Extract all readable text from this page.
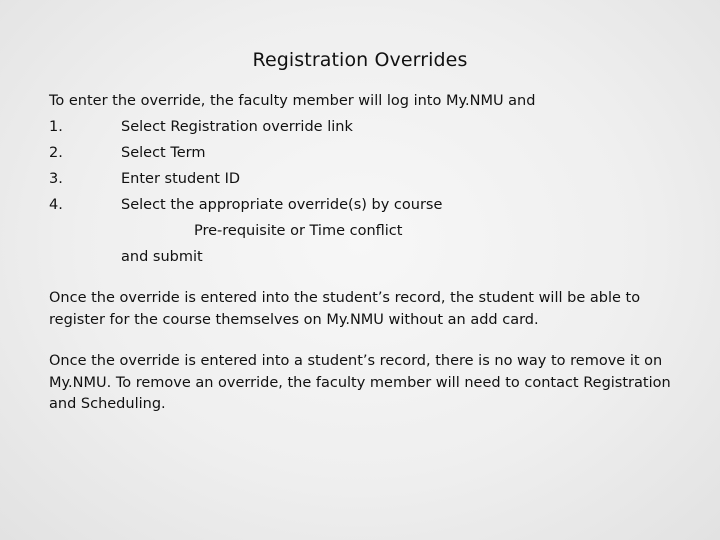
Registration Overrides
To enter the override, the faculty member will log into My.NMU and
1.	Select Registration override link
2.	Select Term
3.	Enter student ID
4.	Select the appropriate override(s) by course
Pre-requisite or Time conflict
and submit

Once the override is entered into the student’s record, the student will be able to register for the course themselves on My.NMU without an add card.

Once the override is entered into a student’s record, there is no way to remove it on My.NMU. To remove an override, the faculty member will need to contact Registration and Scheduling.
